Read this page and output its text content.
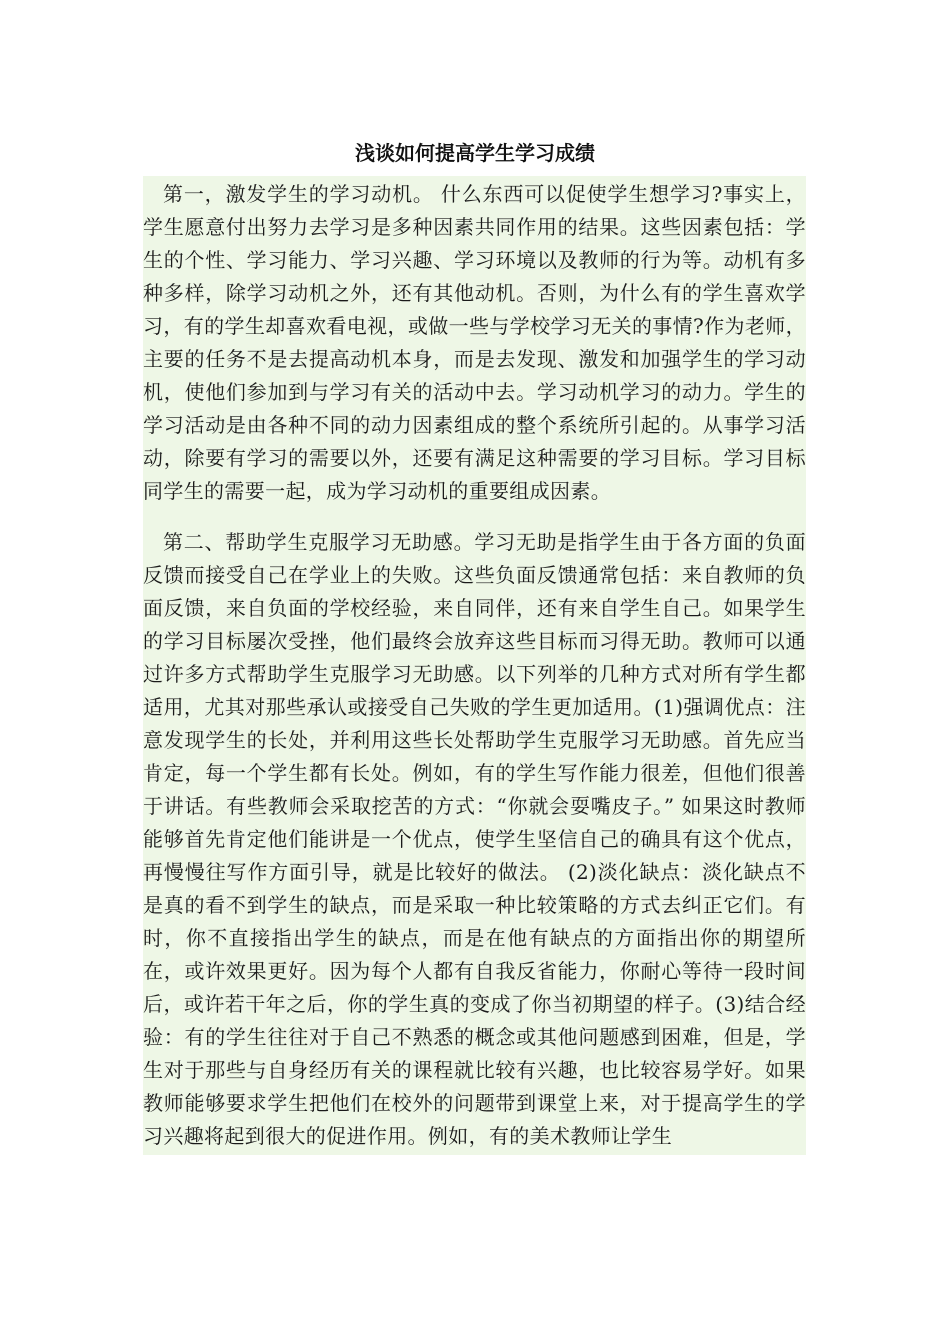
浅谈如何提高学生学习成绩

第一，激发学生的学习动机。 什么东西可以促使学生想学习?事实上，学生愿意付出努力去学习是多种因素共同作用的结果。这些因素包括：学生的个性、学习能力、学习兴趣、学习环境以及教师的行为等。动机有多种多样，除学习动机之外，还有其他动机。否则，为什么有的学生喜欢学习，有的学生却喜欢看电视，或做一些与学校学习无关的事情?作为老师，主要的任务不是去提高动机本身，而是去发现、激发和加强学生的学习动机，使他们参加到与学习有关的活动中去。学习动机学习的动力。学生的学习活动是由各种不同的动力因素组成的整个系统所引起的。从事学习活动，除要有学习的需要以外，还要有满足这种需要的学习目标。学习目标同学生的需要一起，成为学习动机的重要组成因素。

第二、帮助学生克服学习无助感。学习无助是指学生由于各方面的负面反馈而接受自己在学业上的失败。这些负面反馈通常包括：来自教师的负面反馈，来自负面的学校经验，来自同伴，还有来自学生自己。如果学生的学习目标屡次受挫，他们最终会放弃这些目标而习得无助。教师可以通过许多方式帮助学生克服学习无助感。以下列举的几种方式对所有学生都适用，尤其对那些承认或接受自己失败的学生更加适用。(1)强调优点：注意发现学生的长处，并利用这些长处帮助学生克服学习无助感。首先应当肯定，每一个学生都有长处。例如，有的学生写作能力很差，但他们很善于讲话。有些教师会采取挖苦的方式：“你就会耍嘴皮子。” 如果这时教师能够首先肯定他们能讲是一个优点，使学生坚信自己的确具有这个优点，再慢慢往写作方面引导，就是比较好的做法。 (2)淡化缺点：淡化缺点不是真的看不到学生的缺点，而是采取一种比较策略的方式去纠正它们。有时，你不直接指出学生的缺点，而是在他有缺点的方面指出你的期望所在，或许效果更好。因为每个人都有自我反省能力，你耐心等待一段时间后，或许若干年之后，你的学生真的变成了你当初期望的样子。(3)结合经验：有的学生往往对于自己不熟悉的概念或其他问题感到困难，但是，学生对于那些与自身经历有关的课程就比较有兴趣，也比较容易学好。如果教师能够要求学生把他们在校外的问题带到课堂上来，对于提高学生的学习兴趣将起到很大的促进作用。例如，有的美术教师让学生
